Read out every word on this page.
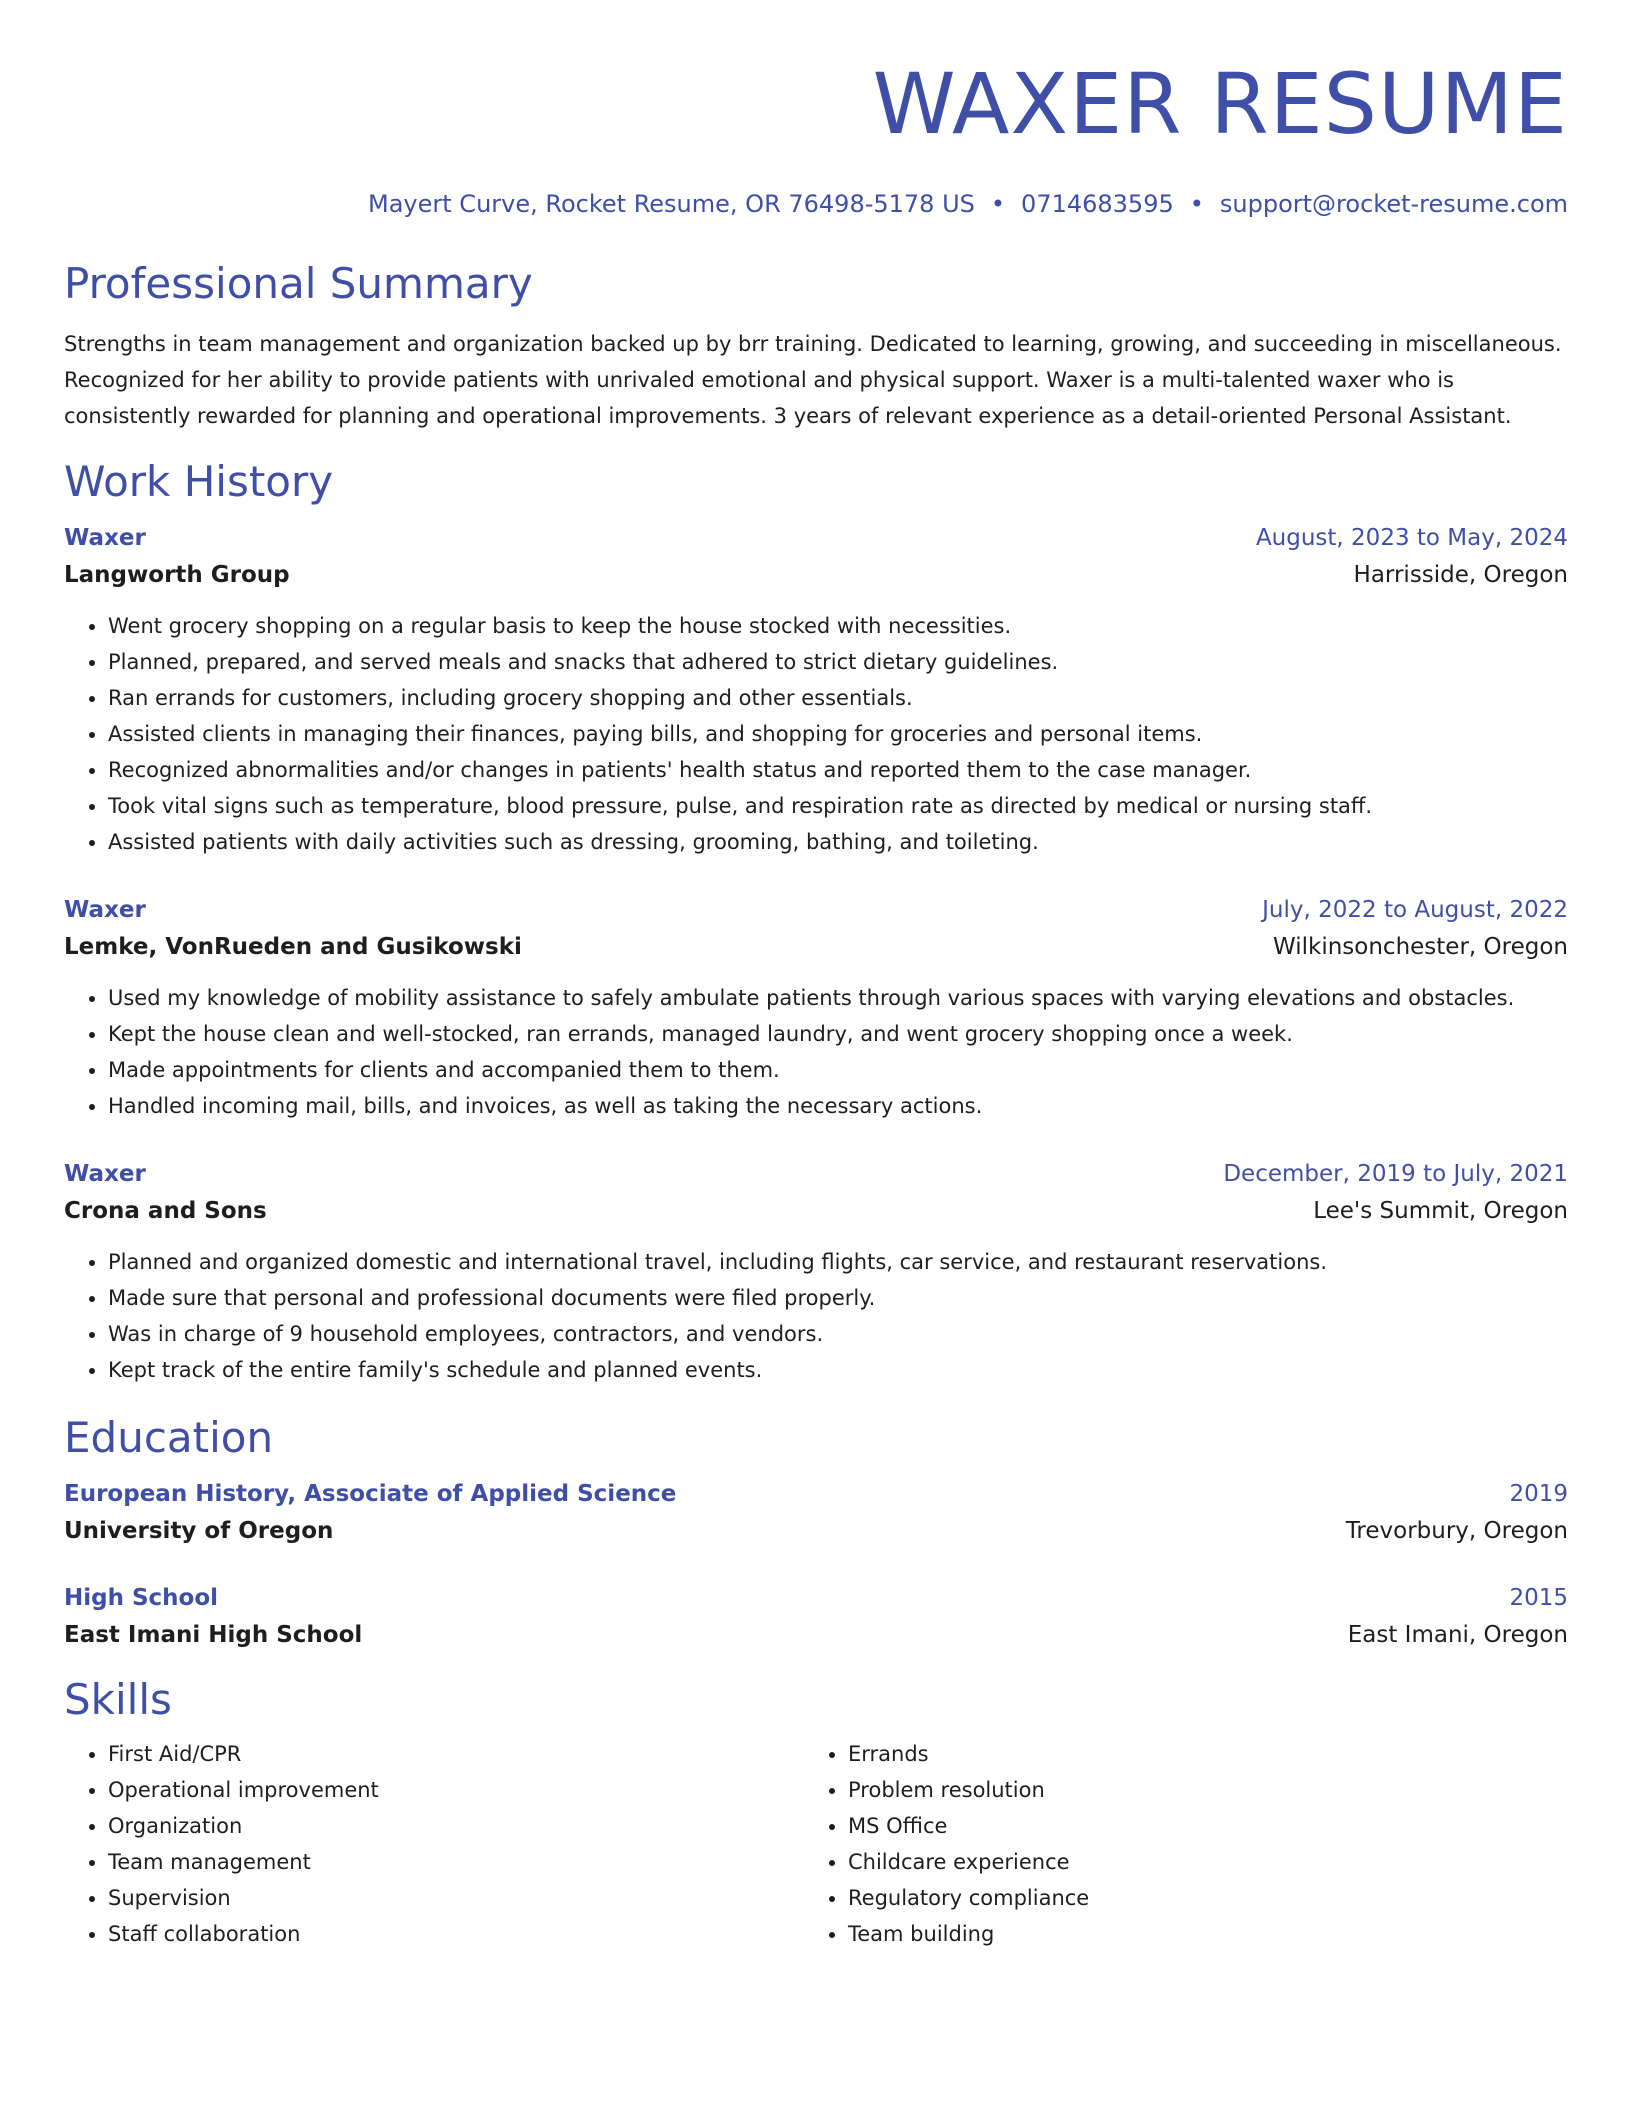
WAXER RESUME
Mayert Curve, Rocket Resume, OR 76498-5178 US • 0714683595 • support@rocket-resume.com
Professional Summary
Strengths in team management and organization backed up by brr training. Dedicated to learning, growing, and succeeding in miscellaneous. Recognized for her ability to provide patients with unrivaled emotional and physical support. Waxer is a multi-talented waxer who is consistently rewarded for planning and operational improvements. 3 years of relevant experience as a detail-oriented Personal Assistant.
Work History
Waxer	August, 2023 to May, 2024
Langworth Group	Harrisside, Oregon
• Went grocery shopping on a regular basis to keep the house stocked with necessities.
• Planned, prepared, and served meals and snacks that adhered to strict dietary guidelines.
• Ran errands for customers, including grocery shopping and other essentials.
• Assisted clients in managing their finances, paying bills, and shopping for groceries and personal items.
• Recognized abnormalities and/or changes in patients' health status and reported them to the case manager.
• Took vital signs such as temperature, blood pressure, pulse, and respiration rate as directed by medical or nursing staff.
• Assisted patients with daily activities such as dressing, grooming, bathing, and toileting.
Waxer	July, 2022 to August, 2022
Lemke, VonRueden and Gusikowski	Wilkinsonchester, Oregon
• Used my knowledge of mobility assistance to safely ambulate patients through various spaces with varying elevations and obstacles.
• Kept the house clean and well-stocked, ran errands, managed laundry, and went grocery shopping once a week.
• Made appointments for clients and accompanied them to them.
• Handled incoming mail, bills, and invoices, as well as taking the necessary actions.
Waxer	December, 2019 to July, 2021
Crona and Sons	Lee's Summit, Oregon
• Planned and organized domestic and international travel, including flights, car service, and restaurant reservations.
• Made sure that personal and professional documents were filed properly.
• Was in charge of 9 household employees, contractors, and vendors.
• Kept track of the entire family's schedule and planned events.
Education
European History, Associate of Applied Science	2019
University of Oregon	Trevorbury, Oregon
High School	2015
East Imani High School	East Imani, Oregon
Skills
• First Aid/CPR
• Operational improvement
• Organization
• Team management
• Supervision
• Staff collaboration
• Errands
• Problem resolution
• MS Office
• Childcare experience
• Regulatory compliance
• Team building
